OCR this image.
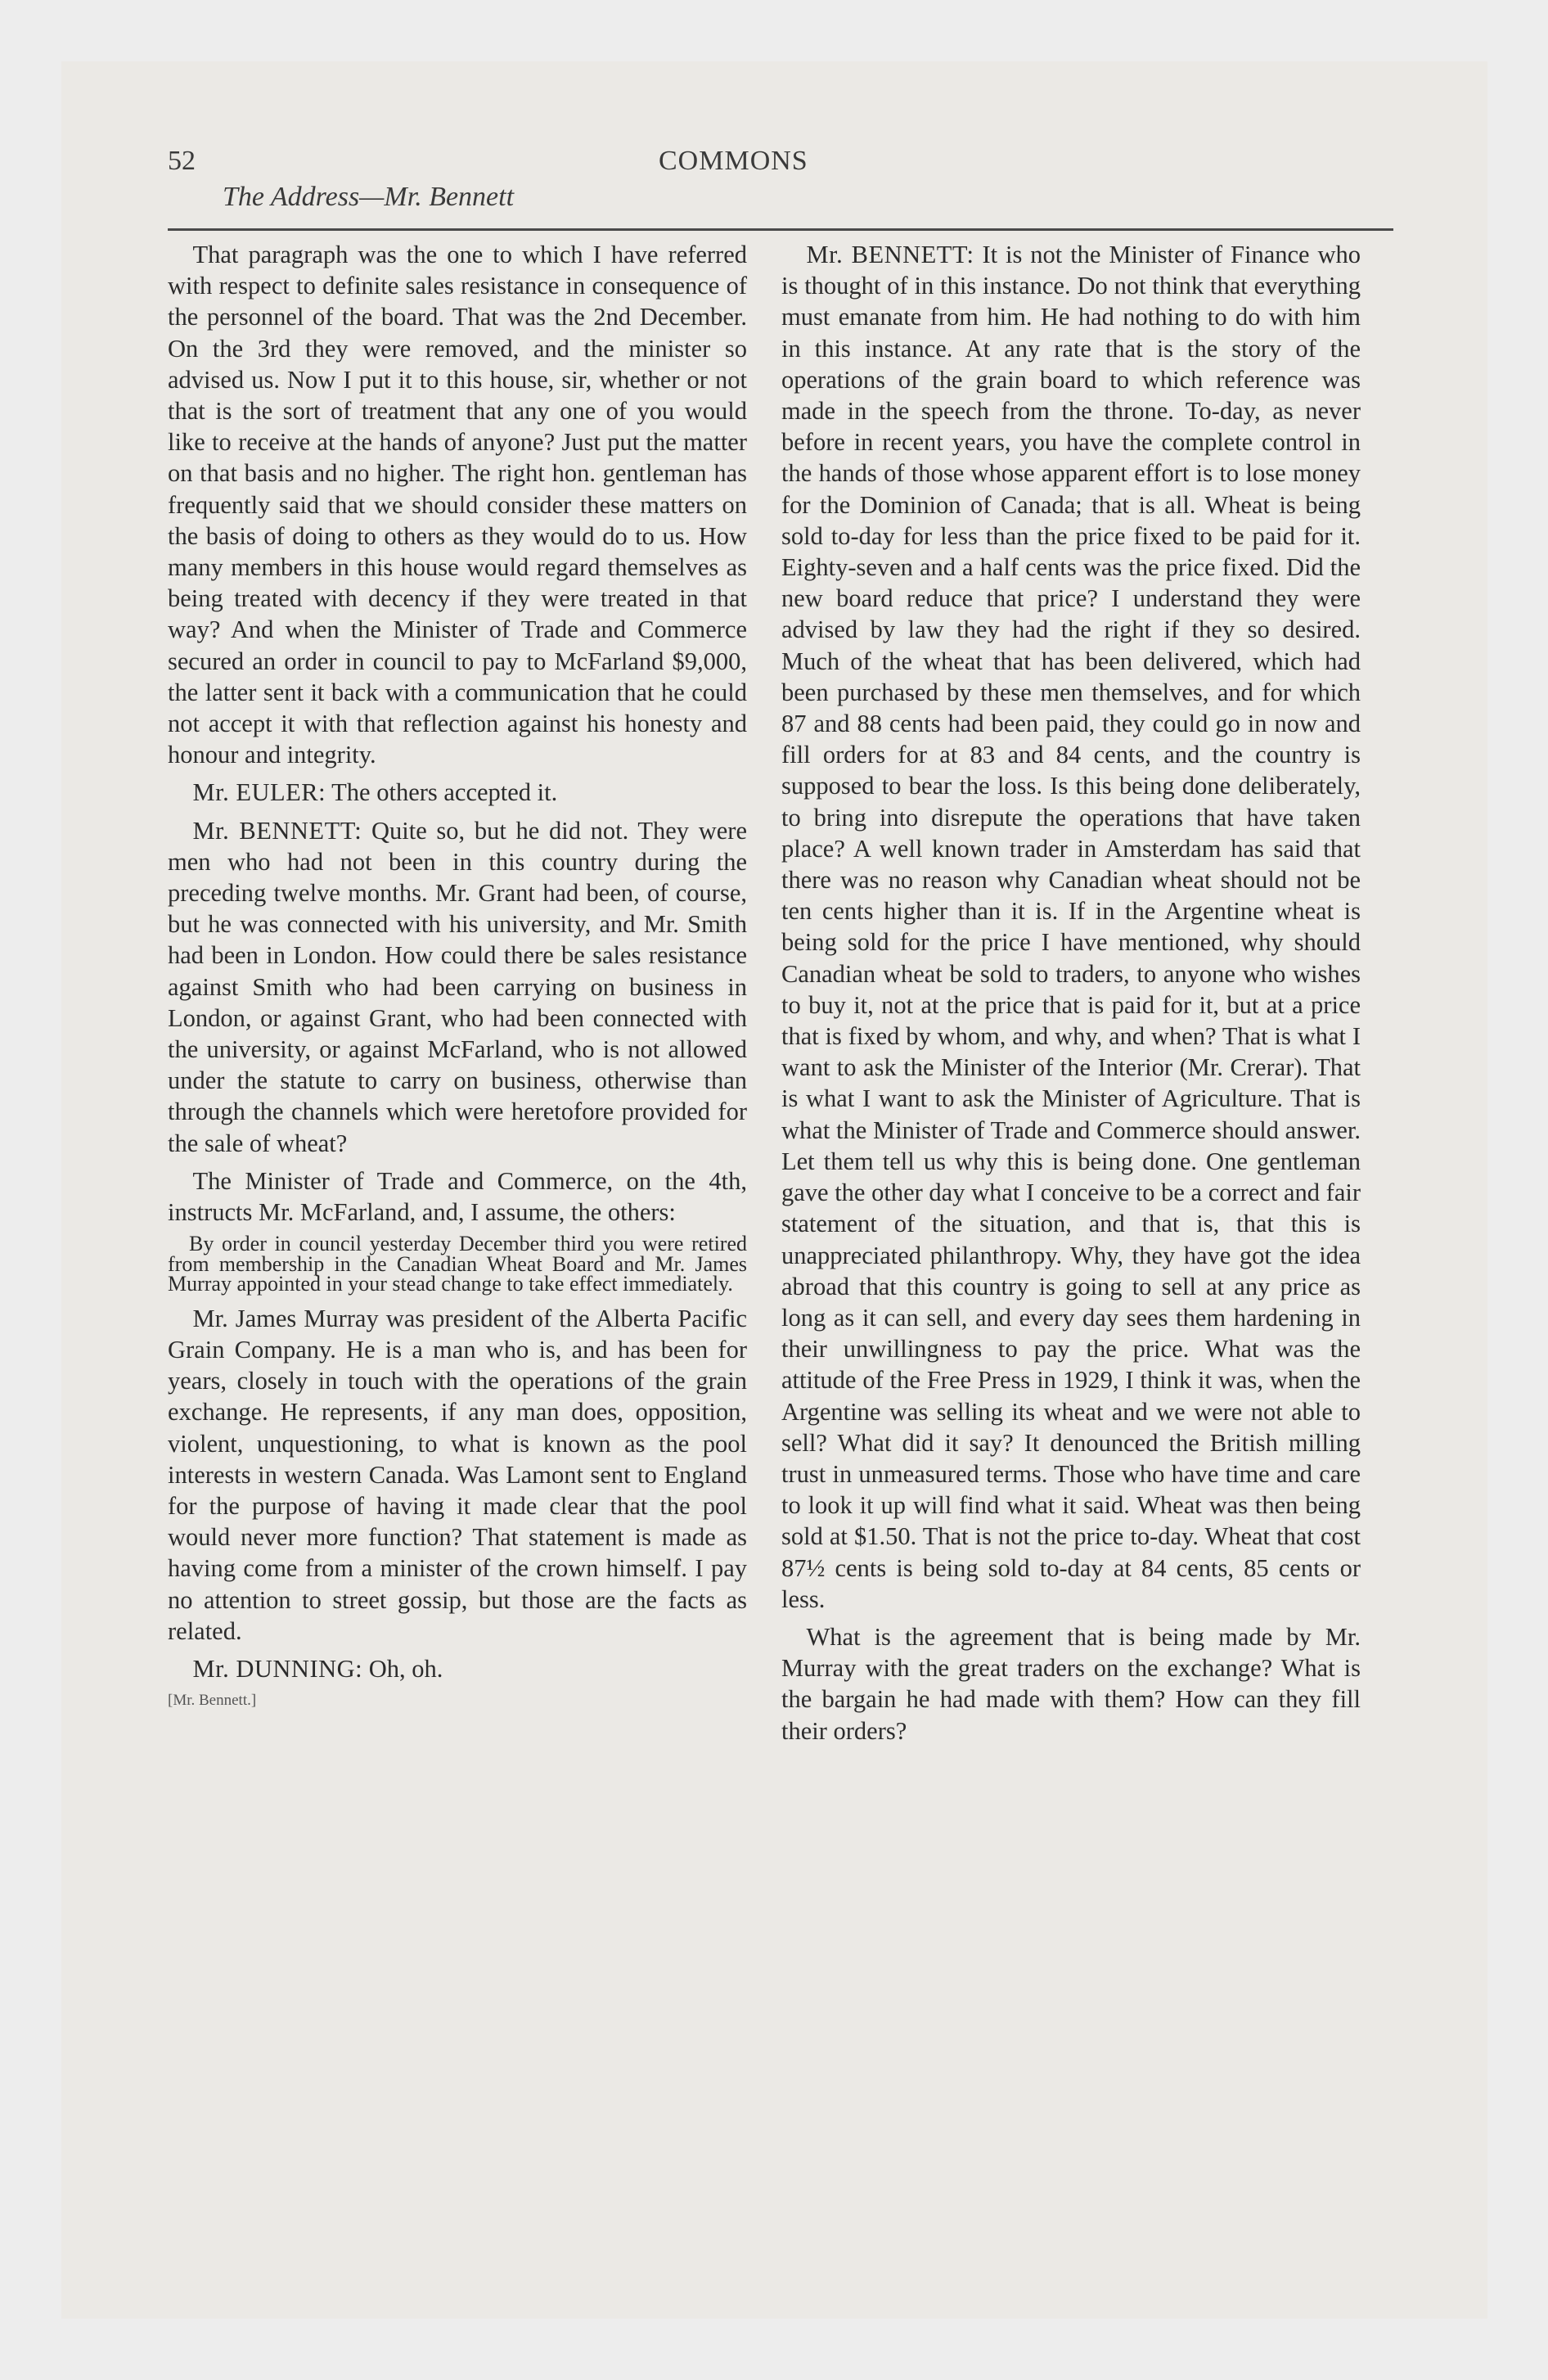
52	COMMONS
The Address—Mr. Bennett

That paragraph was the one to which I have referred with respect to definite sales resistance in consequence of the personnel of the board. That was the 2nd December. On the 3rd they were removed, and the minister so advised us. Now I put it to this house, sir, whether or not that is the sort of treatment that any one of you would like to receive at the hands of anyone? Just put the matter on that basis and no higher. The right hon. gentleman has frequently said that we should consider these matters on the basis of doing to others as they would do to us. How many members in this house would regard themselves as being treated with decency if they were treated in that way? And when the Minister of Trade and Commerce secured an order in council to pay to McFarland $9,000, the latter sent it back with a communication that he could not accept it with that reflection against his honesty and honour and integrity.

Mr. EULER: The others accepted it.

Mr. BENNETT: Quite so, but he did not. They were men who had not been in this country during the preceding twelve months. Mr. Grant had been, of course, but he was connected with his university, and Mr. Smith had been in London. How could there be sales resistance against Smith who had been carrying on business in London, or against Grant, who had been connected with the university, or against McFarland, who is not allowed under the statute to carry on business, otherwise than through the channels which were heretofore provided for the sale of wheat?

The Minister of Trade and Commerce, on the 4th, instructs Mr. McFarland, and, I assume, the others:

By order in council yesterday December third you were retired from membership in the Canadian Wheat Board and Mr. James Murray appointed in your stead change to take effect immediately.

Mr. James Murray was president of the Alberta Pacific Grain Company. He is a man who is, and has been for years, closely in touch with the operations of the grain exchange. He represents, if any man does, opposition, violent, unquestioning, to what is known as the pool interests in western Canada. Was Lamont sent to England for the purpose of having it made clear that the pool would never more function? That statement is made as having come from a minister of the crown himself. I pay no attention to street gossip, but those are the facts as related.

Mr. DUNNING: Oh, oh.

[Mr. Bennett.]

Mr. BENNETT: It is not the Minister of Finance who is thought of in this instance. Do not think that everything must emanate from him. He had nothing to do with him in this instance. At any rate that is the story of the operations of the grain board to which reference was made in the speech from the throne. To-day, as never before in recent years, you have the complete control in the hands of those whose apparent effort is to lose money for the Dominion of Canada; that is all. Wheat is being sold to-day for less than the price fixed to be paid for it. Eighty-seven and a half cents was the price fixed. Did the new board reduce that price? I understand they were advised by law they had the right if they so desired. Much of the wheat that has been delivered, which had been purchased by these men themselves, and for which 87 and 88 cents had been paid, they could go in now and fill orders for at 83 and 84 cents, and the country is supposed to bear the loss. Is this being done deliberately, to bring into disrepute the operations that have taken place? A well known trader in Amsterdam has said that there was no reason why Canadian wheat should not be ten cents higher than it is. If in the Argentine wheat is being sold for the price I have mentioned, why should Canadian wheat be sold to traders, to anyone who wishes to buy it, not at the price that is paid for it, but at a price that is fixed by whom, and why, and when? That is what I want to ask the Minister of the Interior (Mr. Crerar). That is what I want to ask the Minister of Agriculture. That is what the Minister of Trade and Commerce should answer. Let them tell us why this is being done. One gentleman gave the other day what I conceive to be a correct and fair statement of the situation, and that is, that this is unappreciated philanthropy. Why, they have got the idea abroad that this country is going to sell at any price as long as it can sell, and every day sees them hardening in their unwillingness to pay the price. What was the attitude of the Free Press in 1929, I think it was, when the Argentine was selling its wheat and we were not able to sell? What did it say? It denounced the British milling trust in unmeasured terms. Those who have time and care to look it up will find what it said. Wheat was then being sold at $1.50. That is not the price to-day. Wheat that cost 87½ cents is being sold to-day at 84 cents, 85 cents or less.

What is the agreement that is being made by Mr. Murray with the great traders on the exchange? What is the bargain he had made with them? How can they fill their orders?
